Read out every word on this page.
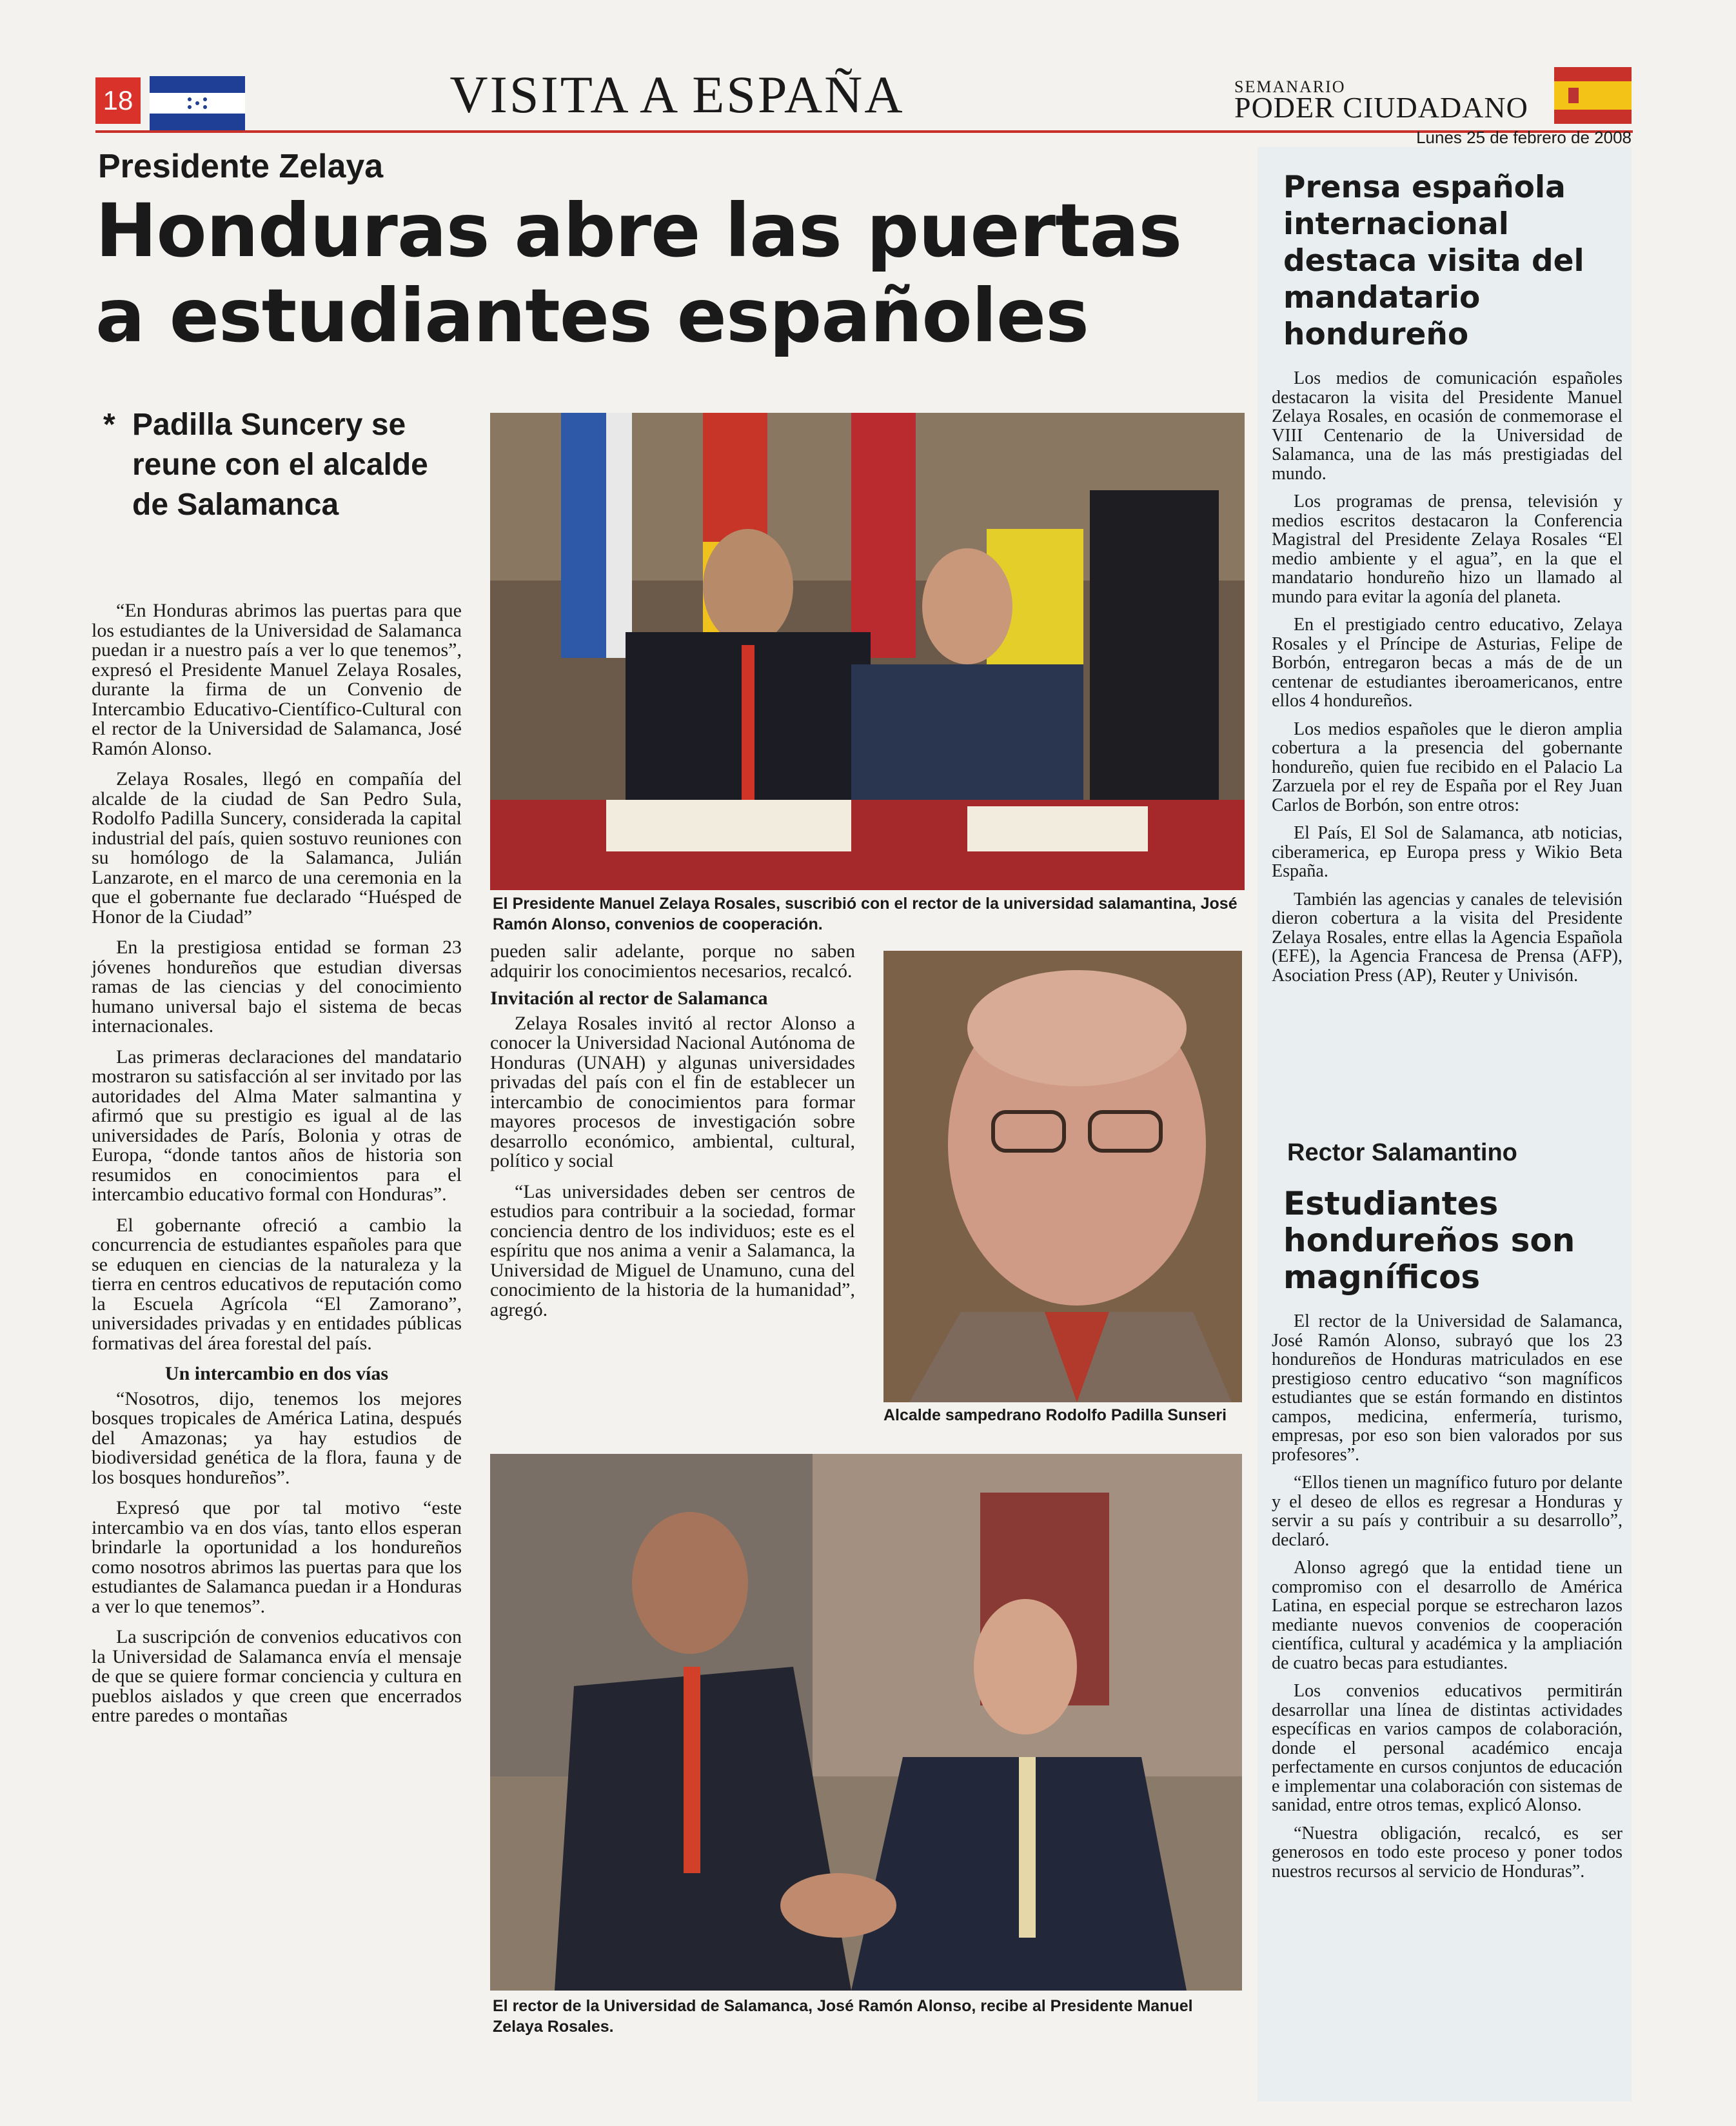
18	VISITA A ESPAÑA	SEMANARIO
PODER CIUDADANO
Lunes 25 de febrero de 2008
Presidente Zelaya
Honduras abre las puertas
a estudiantes españoles
* Padilla Suncery se reune con el alcalde de Salamanca

“En Honduras abrimos las puertas para que los estudiantes de la Universidad de Salamanca puedan ir a nuestro país a ver lo que tenemos”, expresó el Presidente Manuel Zelaya Rosales, durante la firma de un Convenio de Intercambio Educativo-Científico-Cultural con el rector de la Universidad de Salamanca, José Ramón Alonso.

Zelaya Rosales, llegó en compañía del alcalde de la ciudad de San Pedro Sula, Rodolfo Padilla Suncery, considerada la capital industrial del país, quien sostuvo reuniones con su homólogo de la Salamanca, Julián Lanzarote, en el marco de una ceremonia en la que el gobernante fue declarado “Huésped de Honor de la Ciudad”

En la prestigiosa entidad se forman 23 jóvenes hondureños que estudian diversas ramas de las ciencias y del conocimiento humano universal bajo el sistema de becas internacionales.

Las primeras declaraciones del mandatario mostraron su satisfacción al ser invitado por las autoridades del Alma Mater salmantina y afirmó que su prestigio es igual al de las universidades de París, Bolonia y otras de Europa, “donde tantos años de historia son resumidos en conocimientos para el intercambio educativo formal con Honduras”.

El gobernante ofreció a cambio la concurrencia de estudiantes españoles para que se eduquen en ciencias de la naturaleza y la tierra en centros educativos de reputación como la Escuela Agrícola “El Zamorano”, universidades privadas y en entidades públicas formativas del área forestal del país.

Un intercambio en dos vías

“Nosotros, dijo, tenemos los mejores bosques tropicales de América Latina, después del Amazonas; ya hay estudios de biodiversidad genética de la flora, fauna y de los bosques hondureños”.

Expresó que por tal motivo “este intercambio va en dos vías, tanto ellos esperan brindarle la oportunidad a los hondureños como nosotros abrimos las puertas para que los estudiantes de Salamanca puedan ir a Honduras a ver lo que tenemos”.

La suscripción de convenios educativos con la Universidad de Salamanca envía el mensaje de que se quiere formar conciencia y cultura en pueblos aislados y que creen que encerrados entre paredes o montañas

El Presidente Manuel Zelaya Rosales, suscribió con el rector de la universidad salamantina, José Ramón Alonso, convenios de cooperación.
pueden salir adelante, porque no saben adquirir los conocimientos necesarios, recalcó.
Invitación al rector de Salamanca

Zelaya Rosales invitó al rector Alonso a conocer la Universidad Nacional Autónoma de Honduras (UNAH) y algunas universidades privadas del país con el fin de establecer un intercambio de conocimientos para formar mayores procesos de investigación sobre desarrollo económico, ambiental, cultural, político y social

“Las universidades deben ser centros de estudios para contribuir a la sociedad, formar conciencia dentro de los individuos; este es el espíritu que nos anima a venir a Salamanca, la Universidad de Miguel de Unamuno, cuna del conocimiento de la historia de la humanidad”, agregó.

Alcalde sampedrano Rodolfo Padilla Sunseri
El rector de la Universidad de Salamanca, José Ramón Alonso, recibe al Presidente Manuel Zelaya Rosales.
Prensa española internacional destaca visita del mandatario hondureño

Los medios de comunicación españoles destacaron la visita del Presidente Manuel Zelaya Rosales, en ocasión de conmemorase el VIII Centenario de la Universidad de Salamanca, una de las más prestigiadas del mundo.

Los programas de prensa, televisión y medios escritos destacaron la Conferencia Magistral del Presidente Zelaya Rosales “El medio ambiente y el agua”, en la que el mandatario hondureño hizo un llamado al mundo para evitar la agonía del planeta.

En el prestigiado centro educativo, Zelaya Rosales y el Príncipe de Asturias, Felipe de Borbón, entregaron becas a más de de un centenar de estudiantes iberoamericanos, entre ellos 4 hondureños.

Los medios españoles que le dieron amplia cobertura a la presencia del gobernante hondureño, quien fue recibido en el Palacio La Zarzuela por el rey de España por el Rey Juan Carlos de Borbón, son entre otros:

El País, El Sol de Salamanca, atb noticias, ciberamerica, ep Europa press y Wikio Beta España.

También las agencias y canales de televisión dieron cobertura a la visita del Presidente Zelaya Rosales, entre ellas la Agencia Española (EFE), la Agencia Francesa de Prensa (AFP), Asociation Press (AP), Reuter y Univisón.

Rector Salamantino
Estudiantes hondureños son magníficos

El rector de la Universidad de Salamanca, José Ramón Alonso, subrayó que los 23 hondureños de Honduras matriculados en ese prestigioso centro educativo “son magníficos estudiantes que se están formando en distintos campos, medicina, enfermería, turismo, empresas, por eso son bien valorados por sus profesores”.

“Ellos tienen un magnífico futuro por delante y el deseo de ellos es regresar a Honduras y servir a su país y contribuir a su desarrollo”, declaró.

Alonso agregó que la entidad tiene un compromiso con el desarrollo de América Latina, en especial porque se estrecharon lazos mediante nuevos convenios de cooperación científica, cultural y académica y la ampliación de cuatro becas para estudiantes.

Los convenios educativos permitirán desarrollar una línea de distintas actividades específicas en varios campos de colaboración, donde el personal académico encaja perfectamente en cursos conjuntos de educación e implementar una colaboración con sistemas de sanidad, entre otros temas, explicó Alonso.

“Nuestra obligación, recalcó, es ser generosos en todo este proceso y poner todos nuestros recursos al servicio de Honduras”.
